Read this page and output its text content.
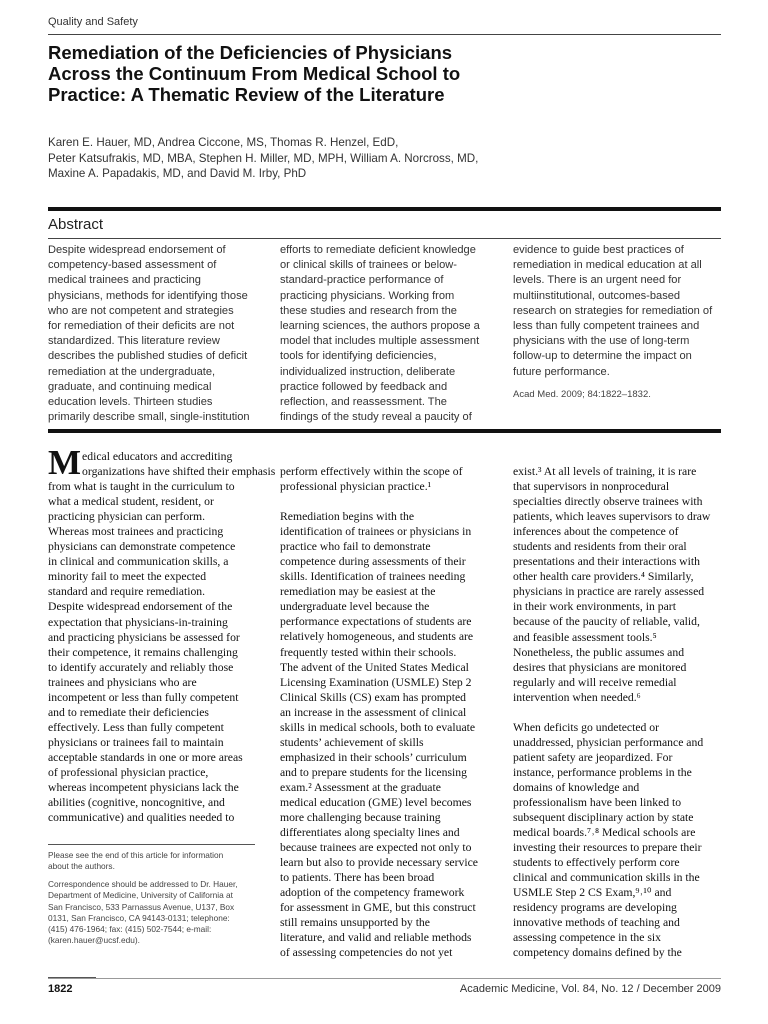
Quality and Safety
Remediation of the Deficiencies of Physicians Across the Continuum From Medical School to Practice: A Thematic Review of the Literature
Karen E. Hauer, MD, Andrea Ciccone, MS, Thomas R. Henzel, EdD,
Peter Katsufrakis, MD, MBA, Stephen H. Miller, MD, MPH, William A. Norcross, MD,
Maxine A. Papadakis, MD, and David M. Irby, PhD
Abstract
Despite widespread endorsement of
competency-based assessment of
medical trainees and practicing
physicians, methods for identifying those
who are not competent and strategies
for remediation of their deficits are not
standardized. This literature review
describes the published studies of deficit
remediation at the undergraduate,
graduate, and continuing medical
education levels. Thirteen studies
primarily describe small, single-institution
efforts to remediate deficient knowledge
or clinical skills of trainees or below-
standard-practice performance of
practicing physicians. Working from
these studies and research from the
learning sciences, the authors propose a
model that includes multiple assessment
tools for identifying deficiencies,
individualized instruction, deliberate
practice followed by feedback and
reflection, and reassessment. The
findings of the study reveal a paucity of
evidence to guide best practices of
remediation in medical education at all
levels. There is an urgent need for
multiinstitutional, outcomes-based
research on strategies for remediation of
less than fully competent trainees and
physicians with the use of long-term
follow-up to determine the impact on
future performance.
Acad Med. 2009; 84:1822–1832.
M edical educators and accrediting
organizations have shifted their emphasis
from what is taught in the curriculum to
what a medical student, resident, or
practicing physician can perform.
Whereas most trainees and practicing
physicians can demonstrate competence
in clinical and communication skills, a
minority fail to meet the expected
standard and require remediation.
Despite widespread endorsement of the
expectation that physicians-in-training
and practicing physicians be assessed for
their competence, it remains challenging
to identify accurately and reliably those
trainees and physicians who are
incompetent or less than fully competent
and to remediate their deficiencies
effectively. Less than fully competent
physicians or trainees fail to maintain
acceptable standards in one or more areas
of professional physician practice,
whereas incompetent physicians lack the
abilities (cognitive, noncognitive, and
communicative) and qualities needed to
perform effectively within the scope of
professional physician practice.¹
Remediation begins with the
identification of trainees or physicians in
practice who fail to demonstrate
competence during assessments of their
skills. Identification of trainees needing
remediation may be easiest at the
undergraduate level because the
performance expectations of students are
relatively homogeneous, and students are
frequently tested within their schools.
The advent of the United States Medical
Licensing Examination (USMLE) Step 2
Clinical Skills (CS) exam has prompted
an increase in the assessment of clinical
skills in medical schools, both to evaluate
students’ achievement of skills
emphasized in their schools’ curriculum
and to prepare students for the licensing
exam.² Assessment at the graduate
medical education (GME) level becomes
more challenging because training
differentiates along specialty lines and
because trainees are expected not only to
learn but also to provide necessary service
to patients. There has been broad
adoption of the competency framework
for assessment in GME, but this construct
still remains unsupported by the
literature, and valid and reliable methods
of assessing competencies do not yet
exist.³ At all levels of training, it is rare
that supervisors in nonprocedural
specialties directly observe trainees with
patients, which leaves supervisors to draw
inferences about the competence of
students and residents from their oral
presentations and their interactions with
other health care providers.⁴ Similarly,
physicians in practice are rarely assessed
in their work environments, in part
because of the paucity of reliable, valid,
and feasible assessment tools.⁵
Nonetheless, the public assumes and
desires that physicians are monitored
regularly and will receive remedial
intervention when needed.⁶
When deficits go undetected or
unaddressed, physician performance and
patient safety are jeopardized. For
instance, performance problems in the
domains of knowledge and
professionalism have been linked to
subsequent disciplinary action by state
medical boards.⁷˒⁸ Medical schools are
investing their resources to prepare their
students to effectively perform core
clinical and communication skills in the
USMLE Step 2 CS Exam,⁹˒¹⁰ and
residency programs are developing
innovative methods of teaching and
assessing competence in the six
competency domains defined by the
Please see the end of this article for information
about the authors.
Correspondence should be addressed to Dr. Hauer,
Department of Medicine, University of California at
San Francisco, 533 Parnassus Avenue, U137, Box
0131, San Francisco, CA 94143-0131; telephone:
(415) 476-1964; fax: (415) 502-7544; e-mail:
(karen.hauer@ucsf.edu).
1822	Academic Medicine, Vol. 84, No. 12 / December 2009
